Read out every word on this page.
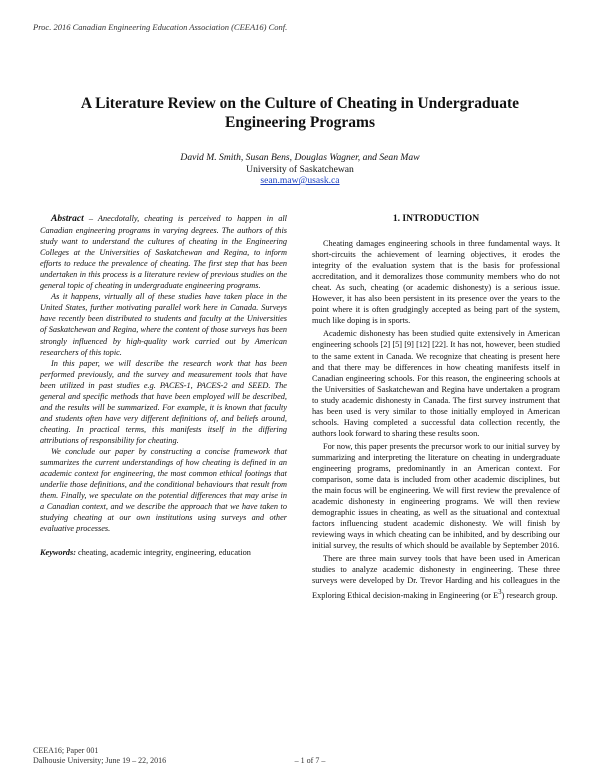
Proc. 2016 Canadian Engineering Education Association (CEEA16) Conf.
A Literature Review on the Culture of Cheating in Undergraduate
Engineering Programs
David M. Smith, Susan Bens, Douglas Wagner, and Sean Maw
University of Saskatchewan
sean.maw@usask.ca

Abstract – Anecdotally, cheating is perceived to happen in all Canadian engineering programs in varying degrees. The authors of this study want to understand the cultures of cheating in the Engineering Colleges at the Universities of Saskatchewan and Regina, to inform efforts to reduce the prevalence of cheating. The first step that has been undertaken in this process is a literature review of previous studies on the general topic of cheating in undergraduate engineering programs.

As it happens, virtually all of these studies have taken place in the United States, further motivating parallel work here in Canada. Surveys have recently been distributed to students and faculty at the Universities of Saskatchewan and Regina, where the content of those surveys has been strongly influenced by high-quality work carried out by American researchers of this topic.

In this paper, we will describe the research work that has been performed previously, and the survey and measurement tools that have been utilized in past studies e.g. PACES-1, PACES-2 and SEED. The general and specific methods that have been employed will be described, and the results will be summarized. For example, it is known that faculty and students often have very different definitions of, and beliefs around, cheating. In practical terms, this manifests itself in the differing attributions of responsibility for cheating.

We conclude our paper by constructing a concise framework that summarizes the current understandings of how cheating is defined in an academic context for engineering, the most common ethical footings that underlie those definitions, and the conditional behaviours that result from them. Finally, we speculate on the potential differences that may arise in a Canadian context, and we describe the approach that we have taken to studying cheating at our own institutions using surveys and other evaluative processes.

Keywords: cheating, academic integrity, engineering, education

1. INTRODUCTION

Cheating damages engineering schools in three fundamental ways. It short-circuits the achievement of learning objectives, it erodes the integrity of the evaluation system that is the basis for professional accreditation, and it demoralizes those community members who do not cheat. As such, cheating (or academic dishonesty) is a serious issue. However, it has also been persistent in its presence over the years to the point where it is often grudgingly accepted as being part of the system, much like doping is in sports.

Academic dishonesty has been studied quite extensively in American engineering schools [2] [5] [9] [12] [22]. It has not, however, been studied to the same extent in Canada. We recognize that cheating is present here and that there may be differences in how cheating manifests itself in Canadian engineering schools. For this reason, the engineering schools at the Universities of Saskatchewan and Regina have undertaken a program to study academic dishonesty in Canada. The first survey instrument that has been used is very similar to those initially employed in American schools. Having completed a successful data collection recently, the authors look forward to sharing these results soon.

For now, this paper presents the precursor work to our initial survey by summarizing and interpreting the literature on cheating in undergraduate engineering programs, predominantly in an American context. For comparison, some data is included from other academic disciplines, but the main focus will be engineering. We will first review the prevalence of academic dishonesty in engineering programs. We will then review demographic issues in cheating, as well as the situational and contextual factors influencing student academic dishonesty. We will finish by reviewing ways in which cheating can be inhibited, and by describing our initial survey, the results of which should be available by September 2016.

There are three main survey tools that have been used in American studies to analyze academic dishonesty in engineering. These three surveys were developed by Dr. Trevor Harding and his colleagues in the Exploring Ethical decision-making in Engineering (or $E^3$) research group.

CEEA16; Paper 001
Dalhousie University; June 19 – 22, 2016	– 1 of 7 –
